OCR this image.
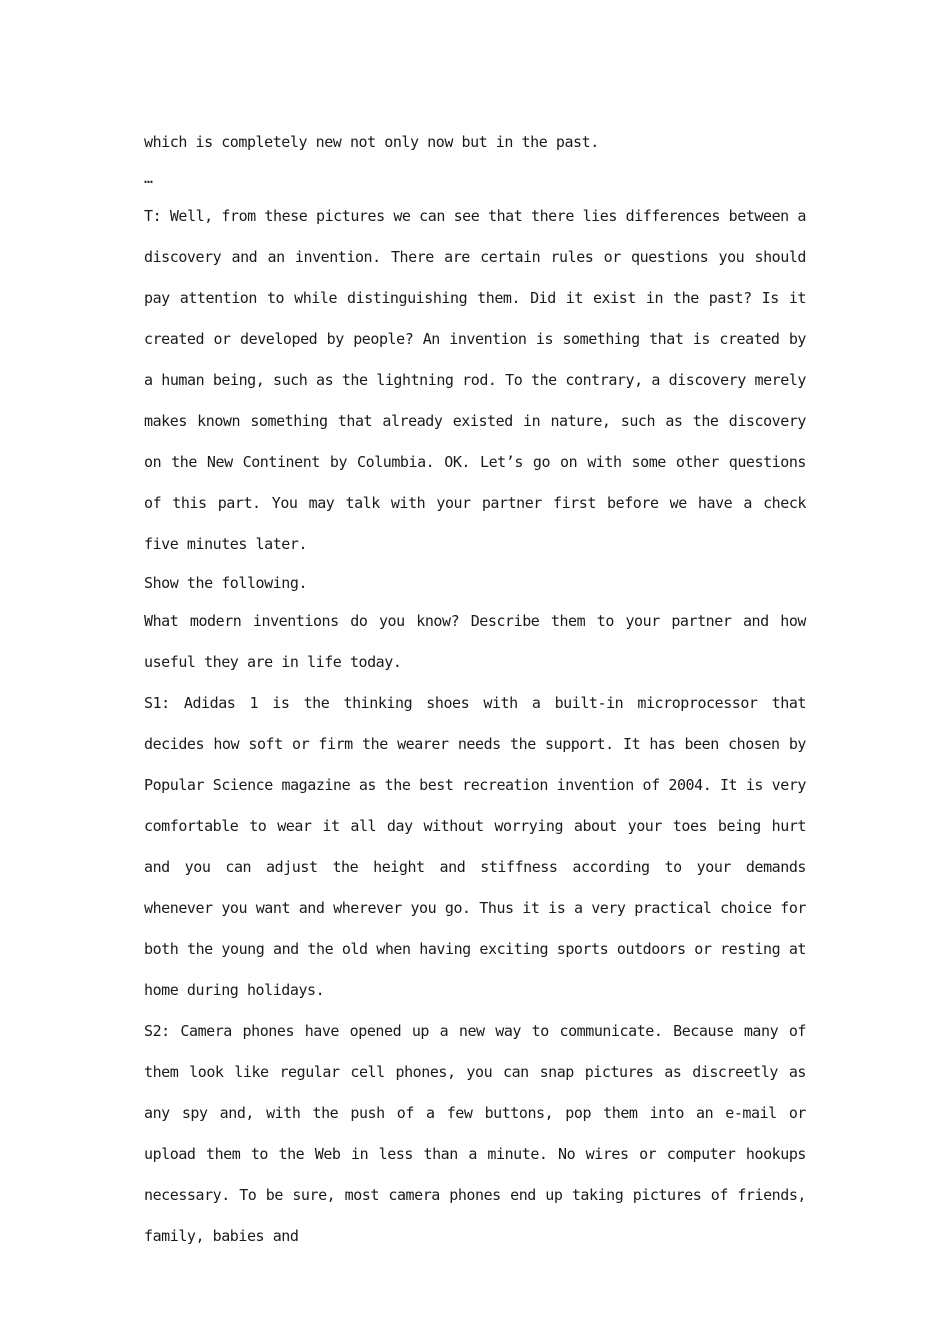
which is completely new not only now but in the past.

…

T: Well, from these pictures we can see that there lies differences between a discovery and an invention. There are certain rules or questions you should pay attention to while distinguishing them. Did it exist in the past? Is it created or developed by people? An invention is something that is created by a human being, such as the lightning rod. To the contrary, a discovery merely makes known something that already existed in nature, such as the discovery on the New Continent by Columbia. OK. Let’s go on with some other questions of this part. You may talk with your partner first before we have a check five minutes later.

Show the following.

What modern inventions do you know? Describe them to your partner and how useful they are in life today.

S1: Adidas 1 is the thinking shoes with a built-in microprocessor that decides how soft or firm the wearer needs the support. It has been chosen by Popular Science magazine as the best recreation invention of 2004. It is very comfortable to wear it all day without worrying about your toes being hurt and you can adjust the height and stiffness according to your demands whenever you want and wherever you go. Thus it is a very practical choice for both the young and the old when having exciting sports outdoors or resting at home during holidays.

S2: Camera phones have opened up a new way to communicate. Because many of them look like regular cell phones, you can snap pictures as discreetly as any spy and, with the push of a few buttons, pop them into an e-mail or upload them to the Web in less than a minute. No wires or computer hookups necessary. To be sure, most camera phones end up taking pictures of friends, family, babies and
